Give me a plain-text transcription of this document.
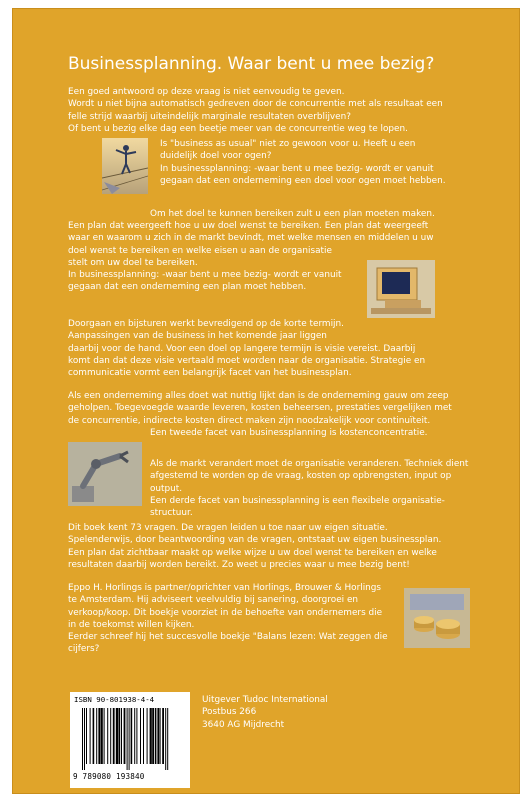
Businessplanning. Waar bent u mee bezig?
Een goed antwoord op deze vraag is niet eenvoudig te geven.
Wordt u niet bijna automatisch gedreven door de concurrentie met als resultaat een
felle strijd waarbij uiteindelijk marginale resultaten overblijven?
Of bent u bezig elke dag een beetje meer van de concurrentie weg te lopen.
Is "business as usual" niet zo gewoon voor u. Heeft u een
duidelijk doel voor ogen?
In businessplanning: -waar bent u mee bezig- wordt er vanuit
gegaan dat een onderneming een doel voor ogen moet hebben.
Om het doel te kunnen bereiken zult u een plan moeten maken.
Een plan dat weergeeft hoe u uw doel wenst te bereiken. Een plan dat weergeeft
waar en waarom u zich in de markt bevindt, met welke mensen en middelen u uw
doel wenst te bereiken en welke eisen u aan de organisatie
stelt om uw doel te bereiken.
In businessplanning: -waar bent u mee bezig- wordt er vanuit
gegaan dat een onderneming een plan moet hebben.
Doorgaan en bijsturen werkt bevredigend op de korte termijn.
Aanpassingen van de business in het komende jaar liggen
daarbij voor de hand. Voor een doel op langere termijn is visie vereist. Daarbij
komt dan dat deze visie vertaald moet worden naar de organisatie. Strategie en
communicatie vormt een belangrijk facet van het businessplan.
Als een onderneming alles doet wat nuttig lijkt dan is de onderneming gauw om zeep
geholpen. Toegevoegde waarde leveren, kosten beheersen, prestaties vergelijken met
de concurrentie, indirecte kosten direct maken zijn noodzakelijk voor continuïteit.
Een tweede facet van businessplanning is kostenconcentratie.
Als de markt verandert moet de organisatie veranderen. Techniek dient
afgestemd te worden op de vraag, kosten op opbrengsten, input op
output.
Een derde facet van businessplanning is een flexibele organisatie-
structuur.
Dit boek kent 73 vragen. De vragen leiden u toe naar uw eigen situatie.
Spelenderwijs, door beantwoording van de vragen, ontstaat uw eigen businessplan.
Een plan dat zichtbaar maakt op welke wijze u uw doel wenst te bereiken en welke
resultaten daarbij worden bereikt. Zo weet u precies waar u mee bezig bent!
Eppo H. Horlings is partner/oprichter van Horlings, Brouwer & Horlings
te Amsterdam. Hij adviseert veelvuldig bij sanering, doorgroei en
verkoop/koop. Dit boekje voorziet in de behoefte van ondernemers die
in de toekomst willen kijken.
Eerder schreef hij het succesvolle boekje "Balans lezen: Wat zeggen die
cijfers?
ISBN 90-801938-4-4
9 789080 193840
Uitgever Tudoc International
Postbus 266
3640 AG Mijdrecht
